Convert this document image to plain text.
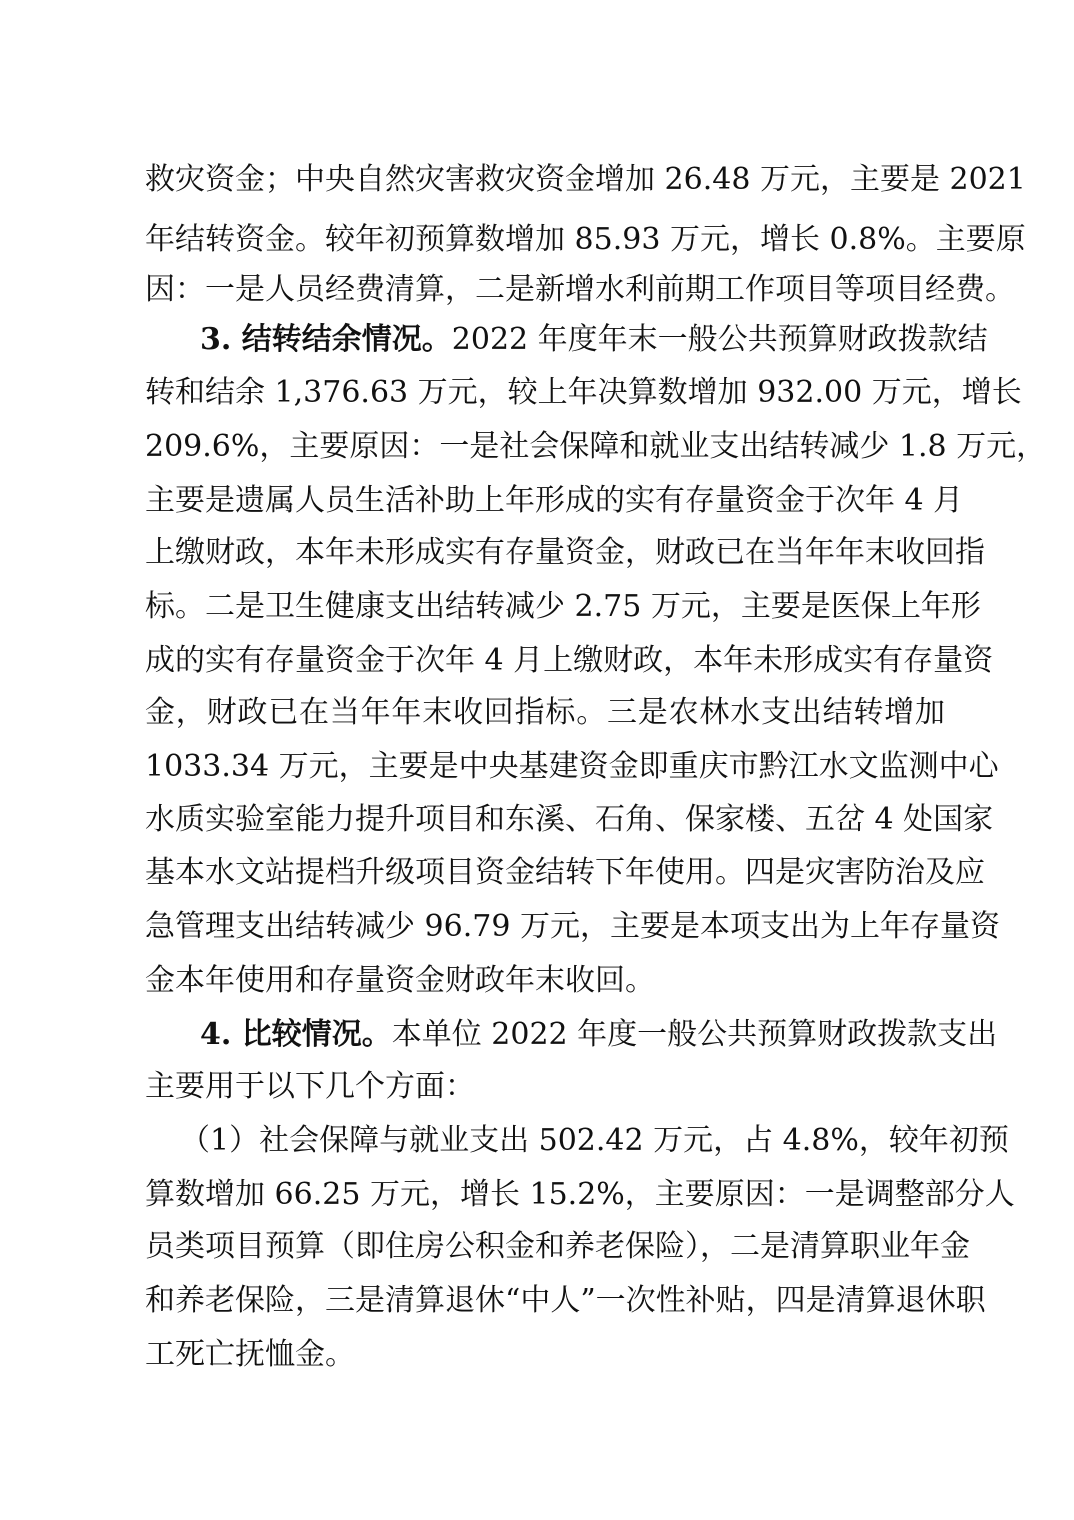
救灾资金；中央自然灾害救灾资金增加 26.48 万元，主要是 2021
年结转资金。较年初预算数增加 85.93 万元，增长 0.8%。主要原
因：一是人员经费清算，二是新增水利前期工作项目等项目经费。
3. 结转结余情况。2022 年度年末一般公共预算财政拨款结
转和结余 1,376.63 万元，较上年决算数增加 932.00 万元，增长
209.6%，主要原因：一是社会保障和就业支出结转减少 1.8 万元，
主要是遗属人员生活补助上年形成的实有存量资金于次年 4 月
上缴财政，本年未形成实有存量资金，财政已在当年年末收回指
标。二是卫生健康支出结转减少 2.75 万元，主要是医保上年形
成的实有存量资金于次年 4 月上缴财政，本年未形成实有存量资
金，财政已在当年年末收回指标。三是农林水支出结转增加
1033.34 万元，主要是中央基建资金即重庆市黔江水文监测中心
水质实验室能力提升项目和东溪、石角、保家楼、五岔 4 处国家
基本水文站提档升级项目资金结转下年使用。四是灾害防治及应
急管理支出结转减少 96.79 万元，主要是本项支出为上年存量资
金本年使用和存量资金财政年末收回。
4. 比较情况。本单位 2022 年度一般公共预算财政拨款支出
主要用于以下几个方面：
（1）社会保障与就业支出 502.42 万元，占 4.8%，较年初预
算数增加 66.25 万元，增长 15.2%，主要原因：一是调整部分人
员类项目预算（即住房公积金和养老保险），二是清算职业年金
和养老保险，三是清算退休“中人”一次性补贴，四是清算退休职
工死亡抚恤金。
